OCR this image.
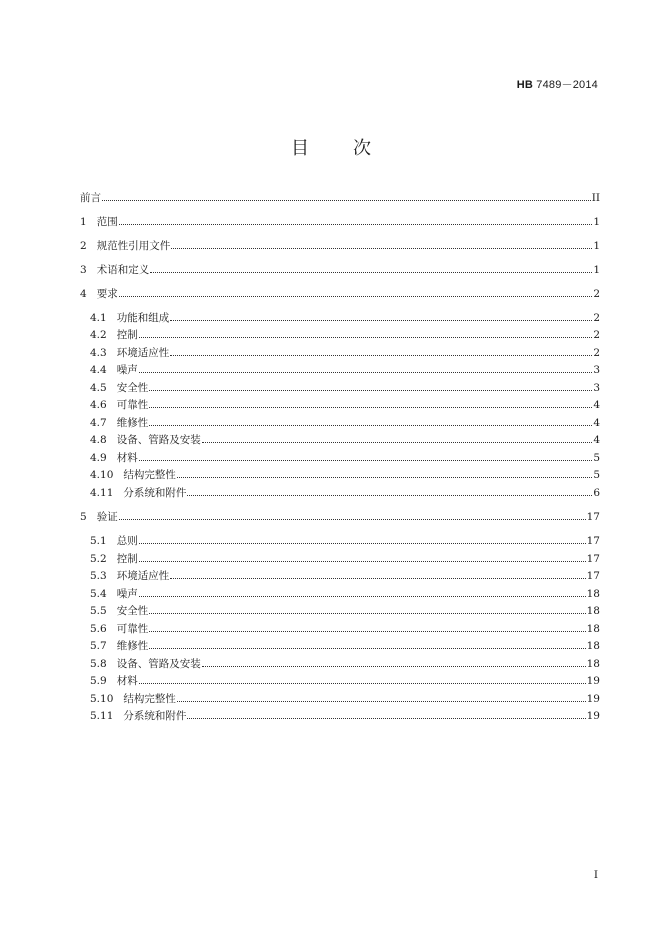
HB 7489－2014
目 次
前言	II
1   范围	1
2   规范性引用文件	1
3   术语和定义	1
4   要求	2
4.1   功能和组成	2
4.2   控制	2
4.3   环境适应性	2
4.4   噪声	3
4.5   安全性	3
4.6   可靠性	4
4.7   维修性	4
4.8   设备、管路及安装	4
4.9   材料	5
4.10   结构完整性	5
4.11   分系统和附件	6
5   验证	17
5.1   总则	17
5.2   控制	17
5.3   环境适应性	17
5.4   噪声	18
5.5   安全性	18
5.6   可靠性	18
5.7   维修性	18
5.8   设备、管路及安装	18
5.9   材料	19
5.10   结构完整性	19
5.11   分系统和附件	19
I
